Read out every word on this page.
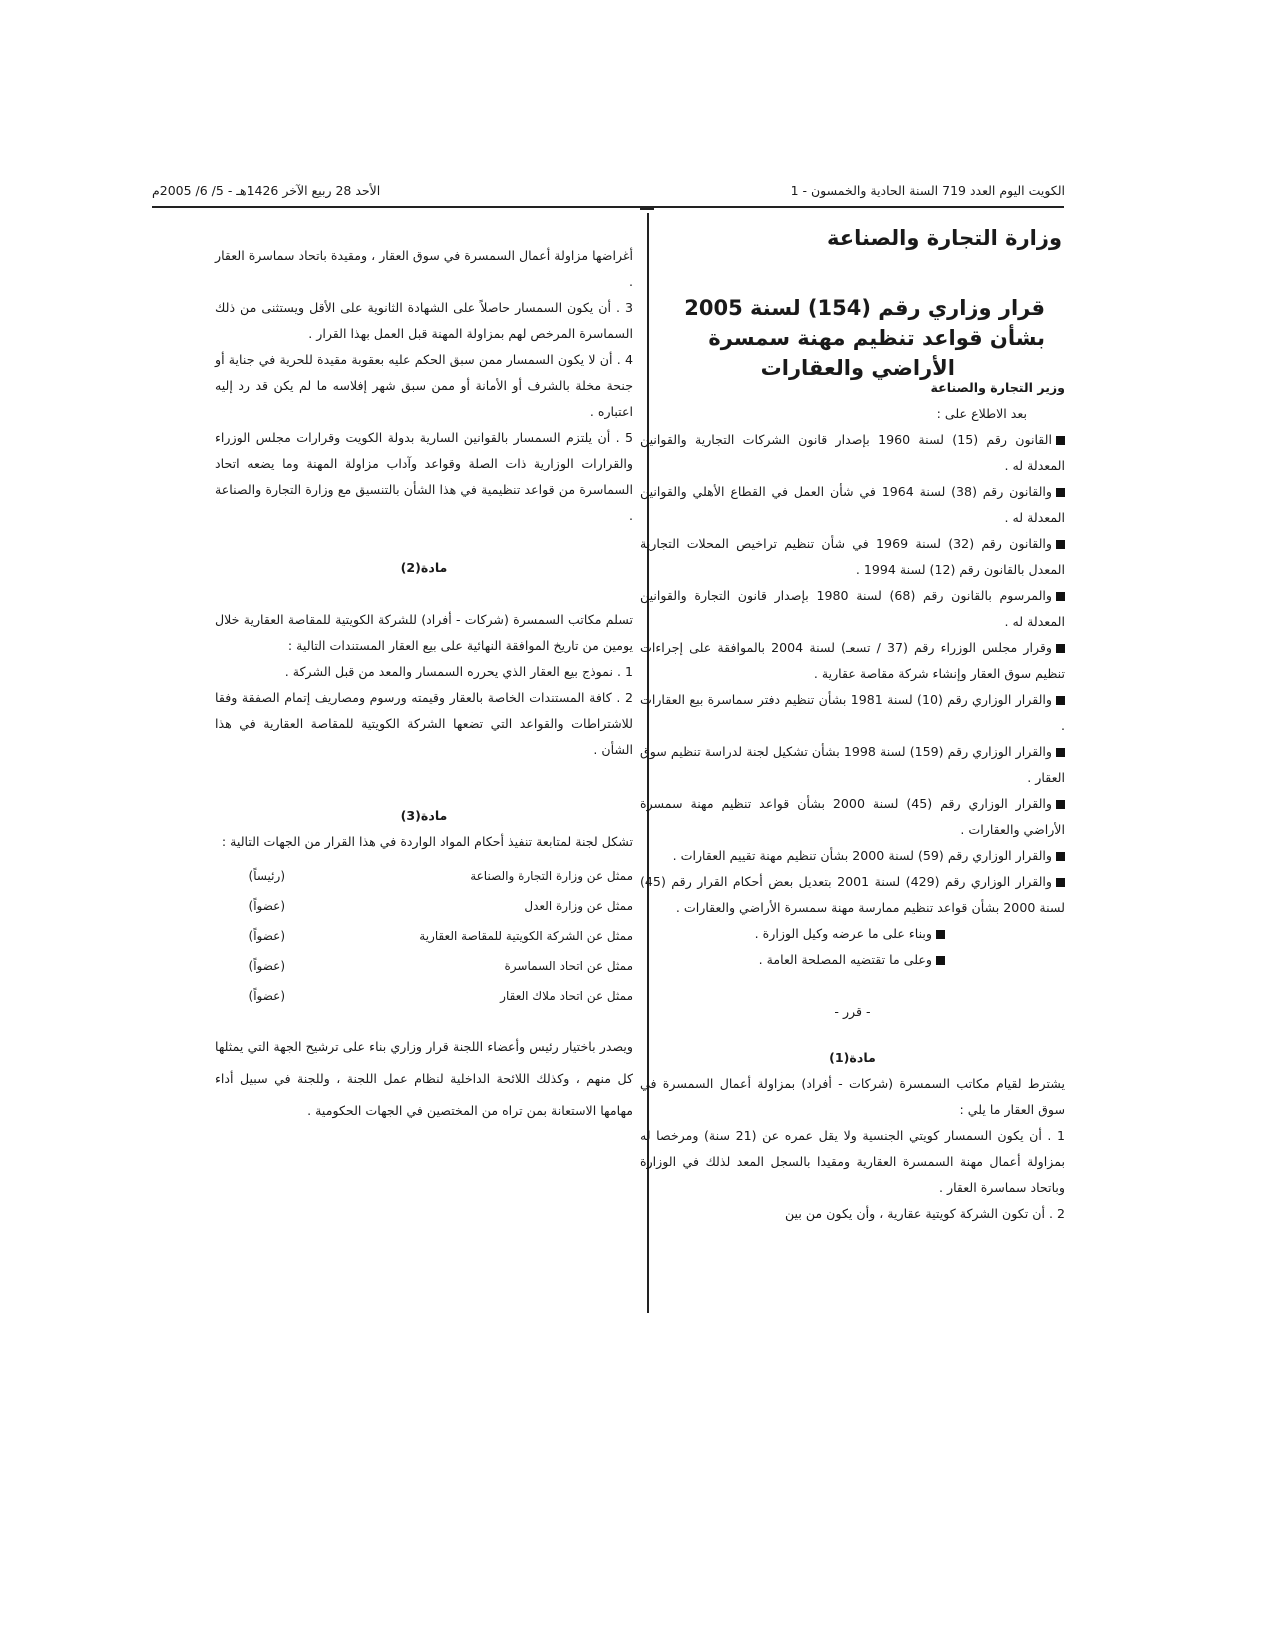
الكويت اليوم العدد 719 السنة الحادية والخمسون - 1
الأحد 28 ربيع الآخر 1426هـ - 5/ 6/ 2005م
وزارة التجارة والصناعة
قرار وزاري رقم (154) لسنة 2005
بشأن قواعد تنظيم مهنة سمسرة
الأراضي والعقارات

وزير التجارة والصناعة

بعد الاطلاع على :

القانون رقم (15) لسنة 1960 بإصدار قانون الشركات التجارية والقوانين المعدلة له .

والقانون رقم (38) لسنة 1964 في شأن العمل في القطاع الأهلي والقوانين المعدلة له .

والقانون رقم (32) لسنة 1969 في شأن تنظيم تراخيص المحلات التجارية المعدل بالقانون رقم (12) لسنة 1994 .

والمرسوم بالقانون رقم (68) لسنة 1980 بإصدار قانون التجارة والقوانين المعدلة له .

وقرار مجلس الوزراء رقم (37 / تسعـ) لسنة 2004 بالموافقة على إجراءات تنظيم سوق العقار وإنشاء شركة مقاصة عقارية .

والقرار الوزاري رقم (10) لسنة 1981 بشأن تنظيم دفتر سماسرة بيع العقارات .

والقرار الوزاري رقم (159) لسنة 1998 بشأن تشكيل لجنة لدراسة تنظيم سوق العقار .

والقرار الوزاري رقم (45) لسنة 2000 بشأن قواعد تنظيم مهنة سمسرة الأراضي والعقارات .

والقرار الوزاري رقم (59) لسنة 2000 بشأن تنظيم مهنة تقييم العقارات .

والقرار الوزاري رقم (429) لسنة 2001 بتعديل بعض أحكام القرار رقم (45) لسنة 2000 بشأن قواعد تنظيم ممارسة مهنة سمسرة الأراضي والعقارات .

وبناء على ما عرضه وكيل الوزارة .

وعلى ما تقتضيه المصلحة العامة .

- قرر -

مادة(1)

يشترط لقيام مكاتب السمسرة (شركات - أفراد) بمزاولة أعمال السمسرة في سوق العقار ما يلي :

1 . أن يكون السمسار كويتي الجنسية ولا يقل عمره عن (21 سنة) ومرخصا له بمزاولة أعمال مهنة السمسرة العقارية ومقيدا بالسجل المعد لذلك في الوزارة وباتحاد سماسرة العقار .

2 . أن تكون الشركة كويتية عقارية ، وأن يكون من بين

أغراضها مزاولة أعمال السمسرة في سوق العقار ، ومقيدة باتحاد سماسرة العقار .

3 . أن يكون السمسار حاصلاً على الشهادة الثانوية على الأقل ويستثنى من ذلك السماسرة المرخص لهم بمزاولة المهنة قبل العمل بهذا القرار .

4 . أن لا يكون السمسار ممن سبق الحكم عليه بعقوبة مقيدة للحرية في جناية أو جنحة مخلة بالشرف أو الأمانة أو ممن سبق شهر إفلاسه ما لم يكن قد رد إليه اعتباره .

5 . أن يلتزم السمسار بالقوانين السارية بدولة الكويت وقرارات مجلس الوزراء والقرارات الوزارية ذات الصلة وقواعد وآداب مزاولة المهنة وما يضعه اتحاد السماسرة من قواعد تنظيمية في هذا الشأن بالتنسيق مع وزارة التجارة والصناعة .

مادة(2)

تسلم مكاتب السمسرة (شركات - أفراد) للشركة الكويتية للمقاصة العقارية خلال يومين من تاريخ الموافقة النهائية على بيع العقار المستندات التالية :

1 . نموذج بيع العقار الذي يحرره السمسار والمعد من قبل الشركة .

2 . كافة المستندات الخاصة بالعقار وقيمته ورسوم ومصاريف إتمام الصفقة وفقا للاشتراطات والقواعد التي تضعها الشركة الكويتية للمقاصة العقارية في هذا الشأن .

مادة(3)

تشكل لجنة لمتابعة تنفيذ أحكام المواد الواردة في هذا القرار من الجهات التالية :

ممثل عن وزارة التجارة والصناعة
(رئيساً)
ممثل عن وزارة العدل
(عضواً)
ممثل عن الشركة الكويتية للمقاصة العقارية
(عضواً)
ممثل عن اتحاد السماسرة
(عضواً)
ممثل عن اتحاد ملاك العقار
(عضواً)

ويصدر باختيار رئيس وأعضاء اللجنة قرار وزاري بناء على ترشيح الجهة التي يمثلها كل منهم ، وكذلك اللائحة الداخلية لنظام عمل اللجنة ، وللجنة في سبيل أداء مهامها الاستعانة بمن تراه من المختصين في الجهات الحكومية .
